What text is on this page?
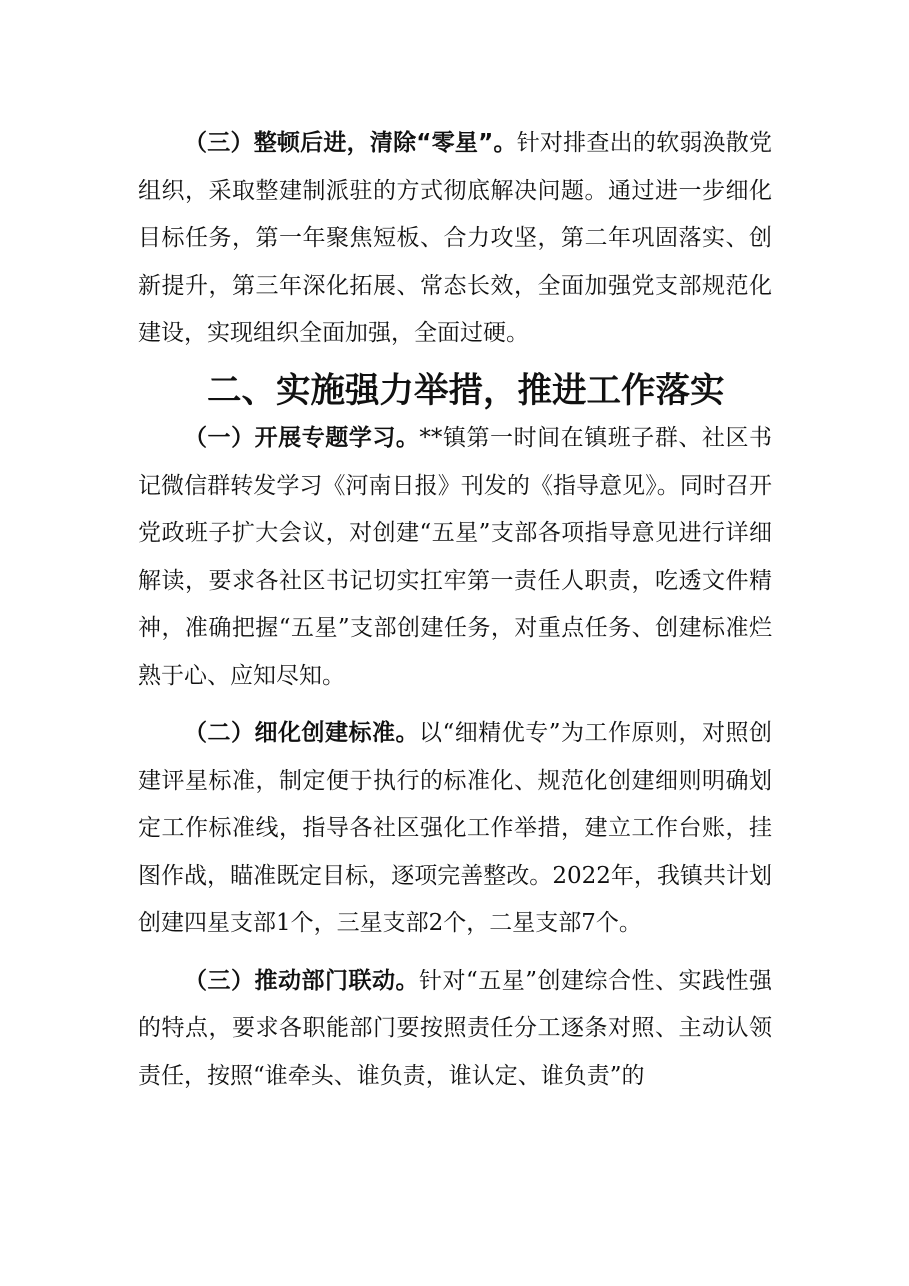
（三）整顿后进，清除“零星”。针对排查出的软弱涣散党组织，采取整建制派驻的方式彻底解决问题。通过进一步细化目标任务，第一年聚焦短板、合力攻坚，第二年巩固落实、创新提升，第三年深化拓展、常态长效，全面加强党支部规范化建设，实现组织全面加强，全面过硬。

二、实施强力举措，推进工作落实

（一）开展专题学习。**镇第一时间在镇班子群、社区书记微信群转发学习《河南日报》刊发的《指导意见》。同时召开党政班子扩大会议，对创建“五星”支部各项指导意见进行详细解读，要求各社区书记切实扛牢第一责任人职责，吃透文件精神，准确把握“五星”支部创建任务，对重点任务、创建标准烂熟于心、应知尽知。

（二）细化创建标准。以“细精优专”为工作原则，对照创建评星标准，制定便于执行的标准化、规范化创建细则明确划定工作标准线，指导各社区强化工作举措，建立工作台账，挂图作战，瞄准既定目标，逐项完善整改。2022年，我镇共计划创建四星支部1个，三星支部2个，二星支部7个。

（三）推动部门联动。针对“五星”创建综合性、实践性强的特点，要求各职能部门要按照责任分工逐条对照、主动认领责任，按照“谁牵头、谁负责，谁认定、谁负责”的
